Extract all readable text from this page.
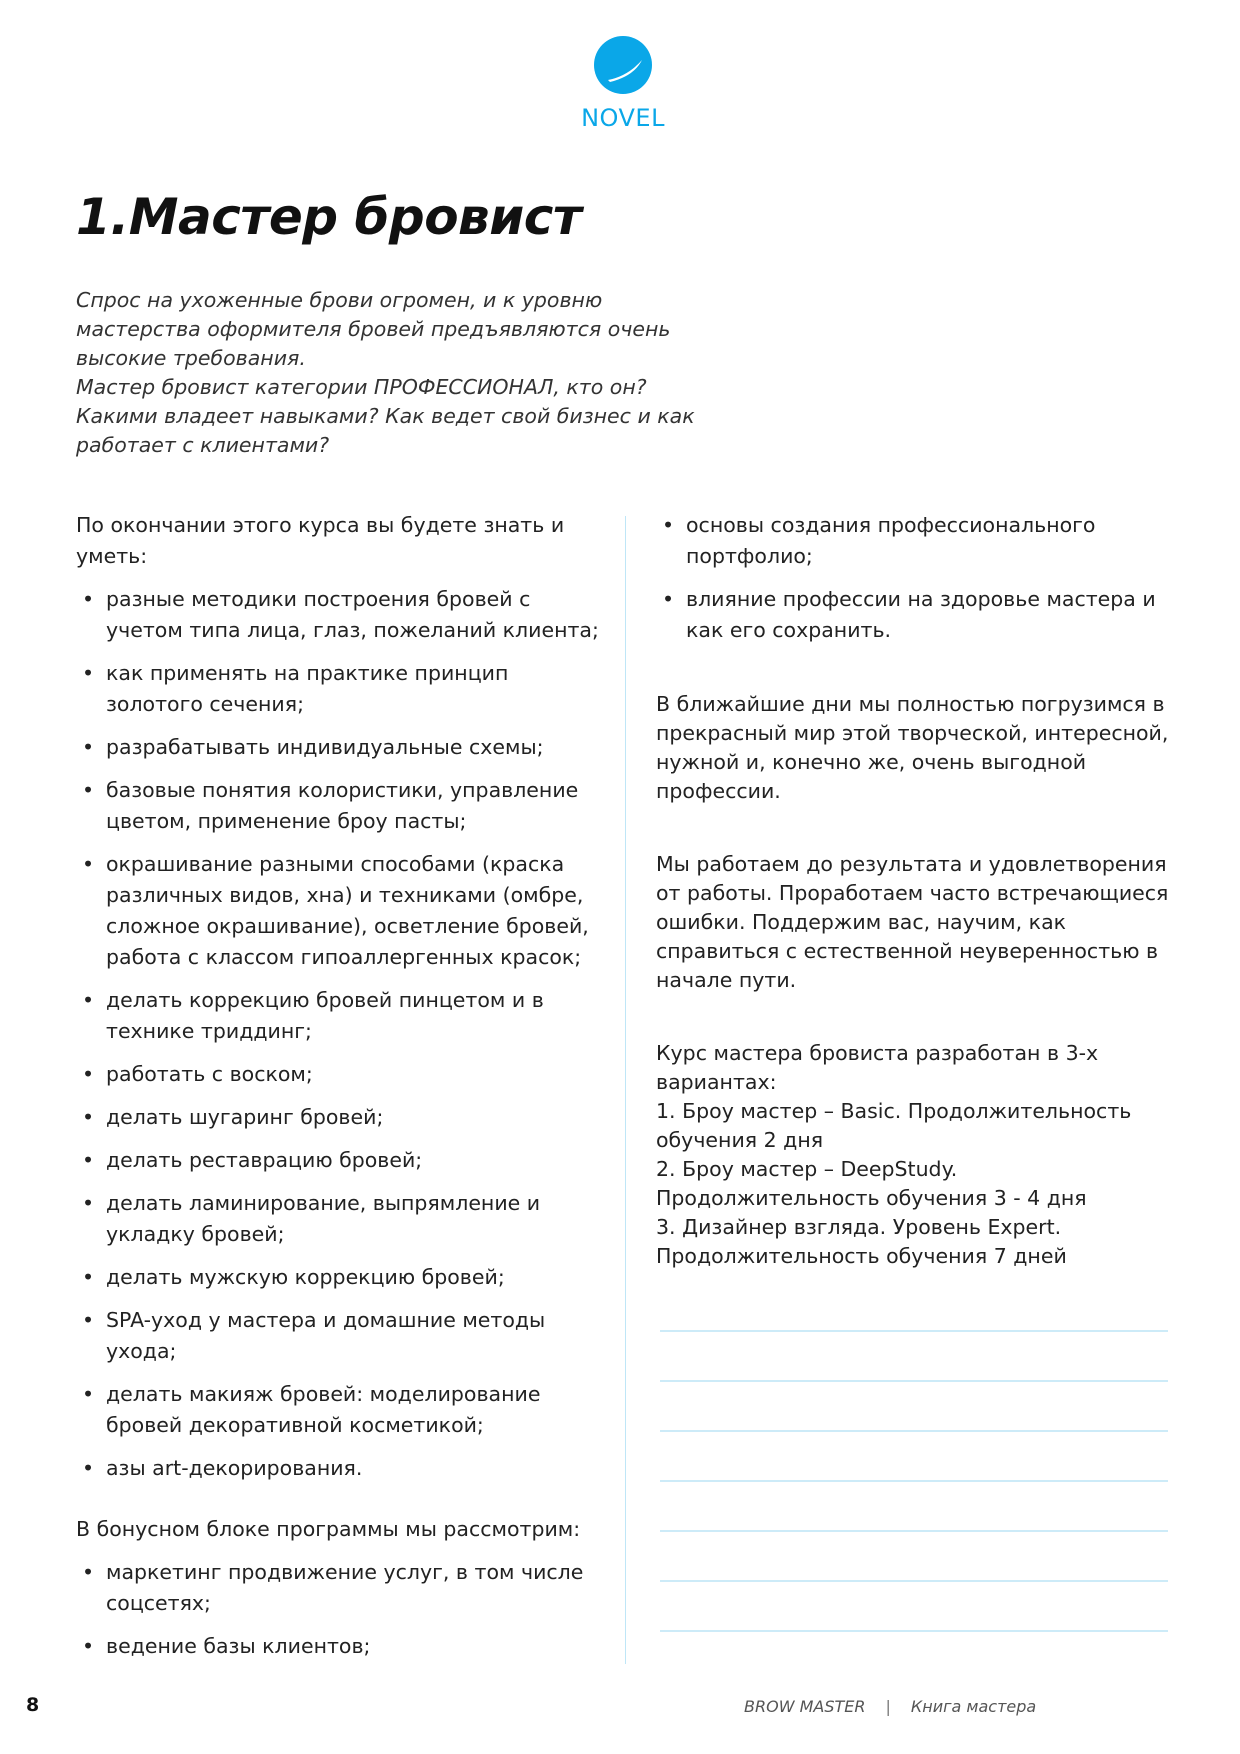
NOVEL
1.Мастер бровист

Спрос на ухоженные брови огромен, и к уровню мастерства оформителя бровей предъявляются очень высокие требования.

Мастер бровист категории ПРОФЕССИОНАЛ, кто он? Какими владеет навыками? Как ведет свой бизнес и как работает с клиентами?

По окончании этого курса вы будете знать и уметь:

• разные методики построения бровей с учетом типа лица, глаз, пожеланий клиента;
• как применять на практике принцип золотого сечения;
• разрабатывать индивидуальные схемы;
• базовые понятия колористики, управление цветом, применение броу пасты;
• окрашивание разными способами (краска различных видов, хна) и техниками (омбре, сложное окрашивание), осветление бровей, работа с классом гипоаллергенных красок;
• делать коррекцию бровей пинцетом и в технике триддинг;
• работать с воском;
• делать шугаринг бровей;
• делать реставрацию бровей;
• делать ламинирование, выпрямление и укладку бровей;
• делать мужскую коррекцию бровей;
• SPA-уход у мастера и домашние методы ухода;
• делать макияж бровей: моделирование бровей декоративной косметикой;
• азы art-декорирования.

В бонусном блоке программы мы рассмотрим:

• маркетинг продвижение услуг, в том числе соцсетях;
• ведение базы клиентов;
• основы создания профессионального портфолио;
• влияние профессии на здоровье мастера и как его сохранить.

В ближайшие дни мы полностью погрузимся в прекрасный мир этой творческой, интересной, нужной и, конечно же, очень выгодной профессии.

Мы работаем до результата и удовлетворения от работы. Проработаем часто встречающиеся ошибки. Поддержим вас, научим, как справиться с естественной неуверенностью в начале пути.

Курс мастера бровиста разработан в 3-х вариантах:
1. Броу мастер – Basic. Продолжительность обучения 2 дня
2. Броу мастер – DeepStudy. Продолжительность обучения 3 - 4 дня
3. Дизайнер взгляда. Уровень Expert. Продолжительность обучения 7 дней
8	BROW MASTER | Книга мастера
